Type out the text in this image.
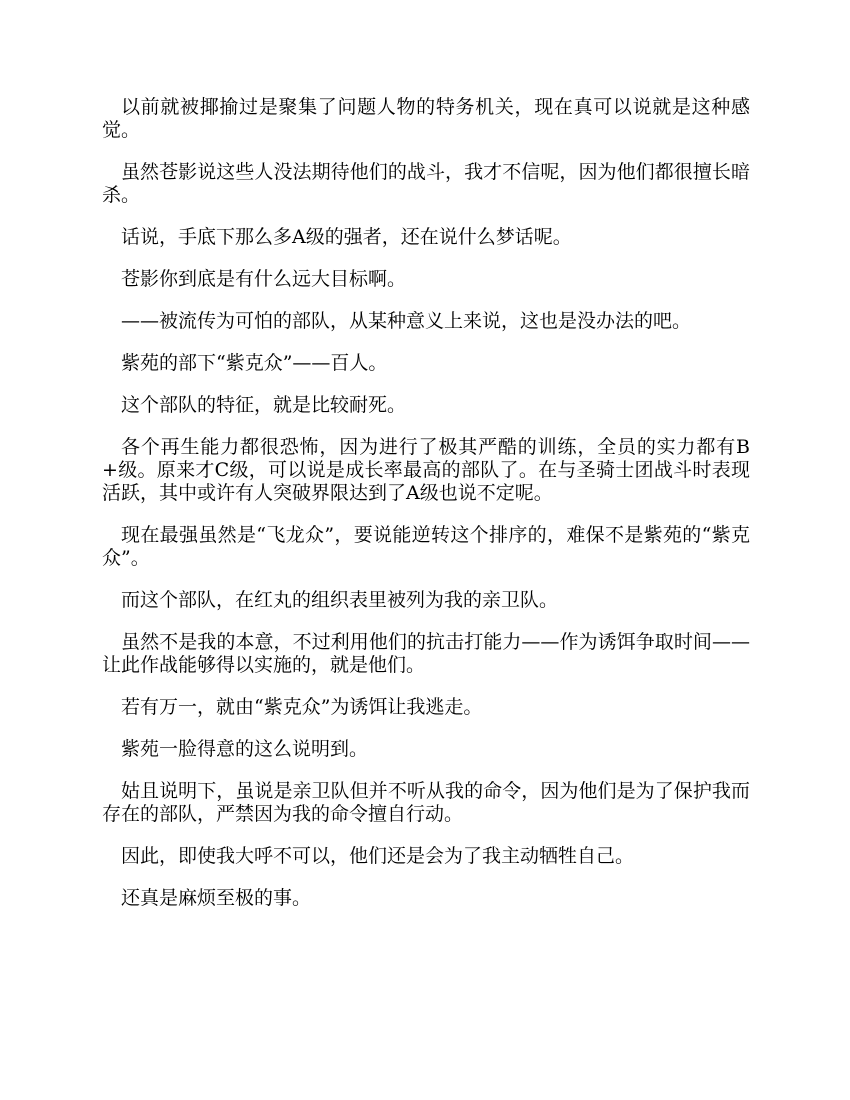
以前就被揶揄过是聚集了问题人物的特务机关，现在真可以说就是这种感觉。

虽然苍影说这些人没法期待他们的战斗，我才不信呢，因为他们都很擅长暗杀。

话说，手底下那么多A级的强者，还在说什么梦话呢。

苍影你到底是有什么远大目标啊。

——被流传为可怕的部队，从某种意义上来说，这也是没办法的吧。

紫苑的部下“紫克众”——百人。

这个部队的特征，就是比较耐死。

各个再生能力都很恐怖，因为进行了极其严酷的训练，全员的实力都有B+级。原来才C级，可以说是成长率最高的部队了。在与圣骑士团战斗时表现活跃，其中或许有人突破界限达到了A级也说不定呢。

现在最强虽然是“飞龙众”，要说能逆转这个排序的，难保不是紫苑的“紫克众”。

而这个部队，在红丸的组织表里被列为我的亲卫队。

虽然不是我的本意，不过利用他们的抗击打能力——作为诱饵争取时间——让此作战能够得以实施的，就是他们。

若有万一，就由“紫克众”为诱饵让我逃走。

紫苑一脸得意的这么说明到。

姑且说明下，虽说是亲卫队但并不听从我的命令，因为他们是为了保护我而存在的部队，严禁因为我的命令擅自行动。

因此，即使我大呼不可以，他们还是会为了我主动牺牲自己。

还真是麻烦至极的事。
